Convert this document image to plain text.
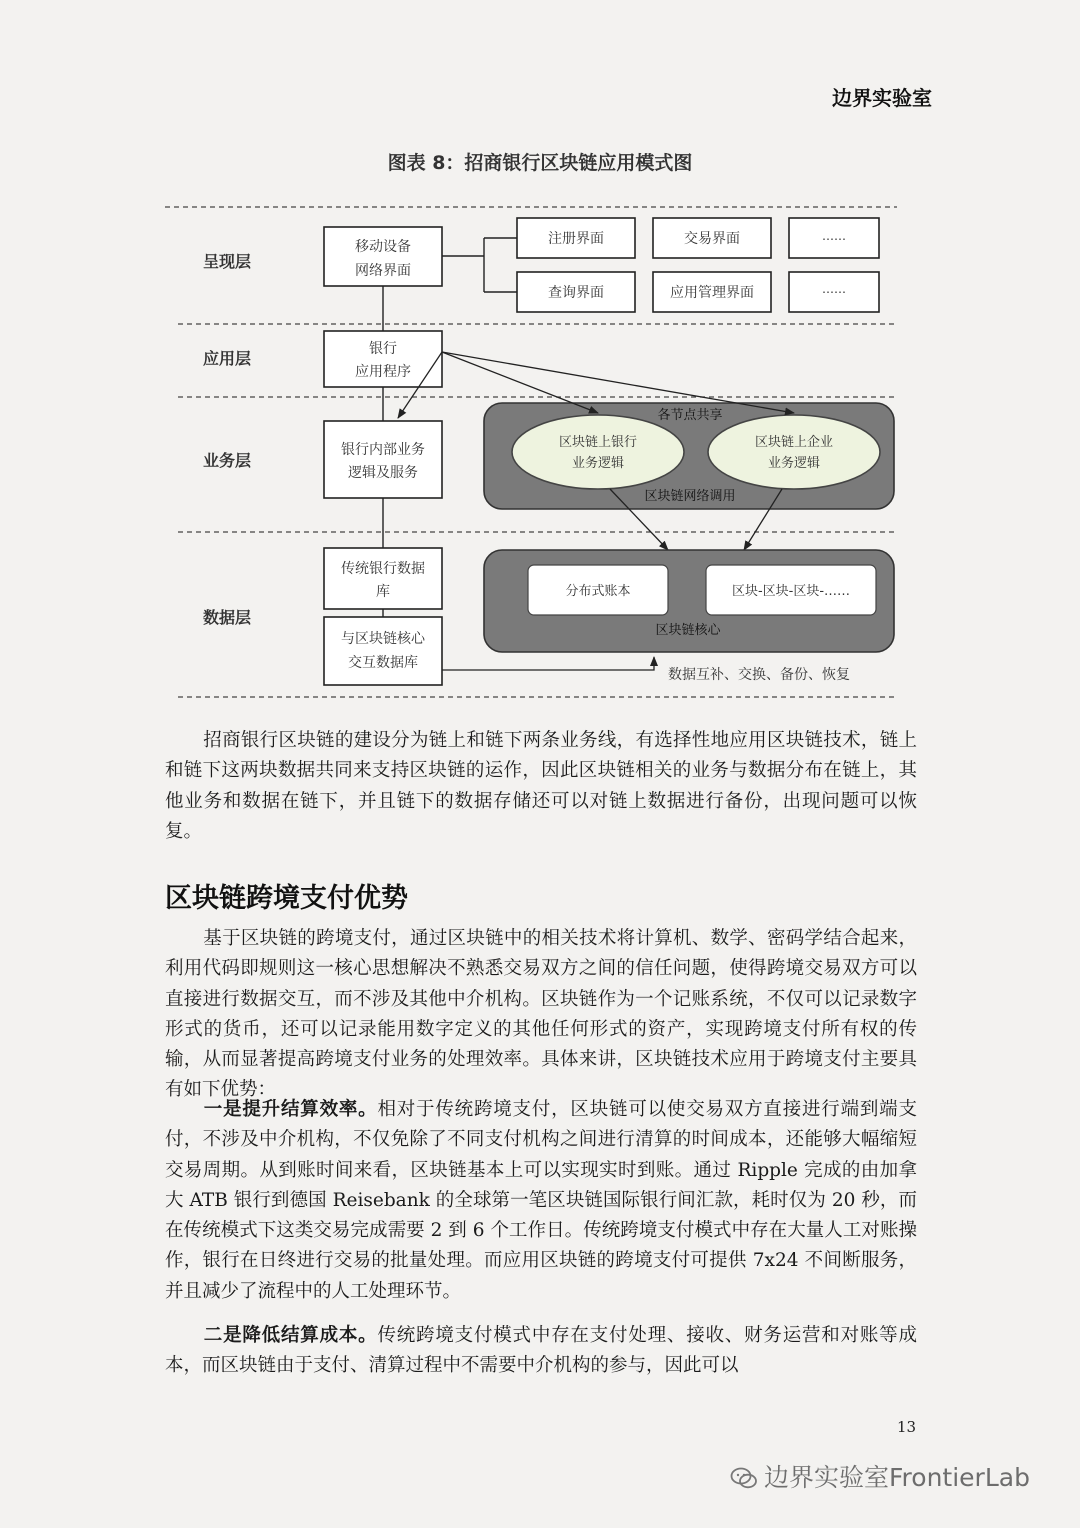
边界实验室
图表 8：招商银行区块链应用模式图
呈现层
应用层
业务层
数据层
移动设备
网络界面
注册界面	交易界面	……
查询界面	应用管理界面	……
银行
应用程序
各节点共享
区块链上银行
业务逻辑
区块链上企业
业务逻辑
区块链网络调用
银行内部业务
逻辑及服务
传统银行数据
库
与区块链核心
交互数据库
分布式账本	区块-区块-区块-……
区块链核心
数据互补、交换、备份、恢复
招商银行区块链的建设分为链上和链下两条业务线，有选择性地应用区块链技术，链上和链下这两块数据共同来支持区块链的运作，因此区块链相关的业务与数据分布在链上，其他业务和数据在链下，并且链下的数据存储还可以对链上数据进行备份，出现问题可以恢复。
区块链跨境支付优势
基于区块链的跨境支付，通过区块链中的相关技术将计算机、数学、密码学结合起来，利用代码即规则这一核心思想解决不熟悉交易双方之间的信任问题，使得跨境交易双方可以直接进行数据交互，而不涉及其他中介机构。区块链作为一个记账系统，不仅可以记录数字形式的货币，还可以记录能用数字定义的其他任何形式的资产，实现跨境支付所有权的传输，从而显著提高跨境支付业务的处理效率。具体来讲，区块链技术应用于跨境支付主要具有如下优势：
一是提升结算效率。相对于传统跨境支付，区块链可以使交易双方直接进行端到端支付，不涉及中介机构，不仅免除了不同支付机构之间进行清算的时间成本，还能够大幅缩短交易周期。从到账时间来看，区块链基本上可以实现实时到账。通过 Ripple 完成的由加拿大 ATB 银行到德国 Reisebank 的全球第一笔区块链国际银行间汇款，耗时仅为 20 秒，而在传统模式下这类交易完成需要 2 到 6 个工作日。传统跨境支付模式中存在大量人工对账操作，银行在日终进行交易的批量处理。而应用区块链的跨境支付可提供 7x24 不间断服务，并且减少了流程中的人工处理环节。
二是降低结算成本。传统跨境支付模式中存在支付处理、接收、财务运营和对账等成本，而区块链由于支付、清算过程中不需要中介机构的参与，因此可以
13
边界实验室FrontierLab
